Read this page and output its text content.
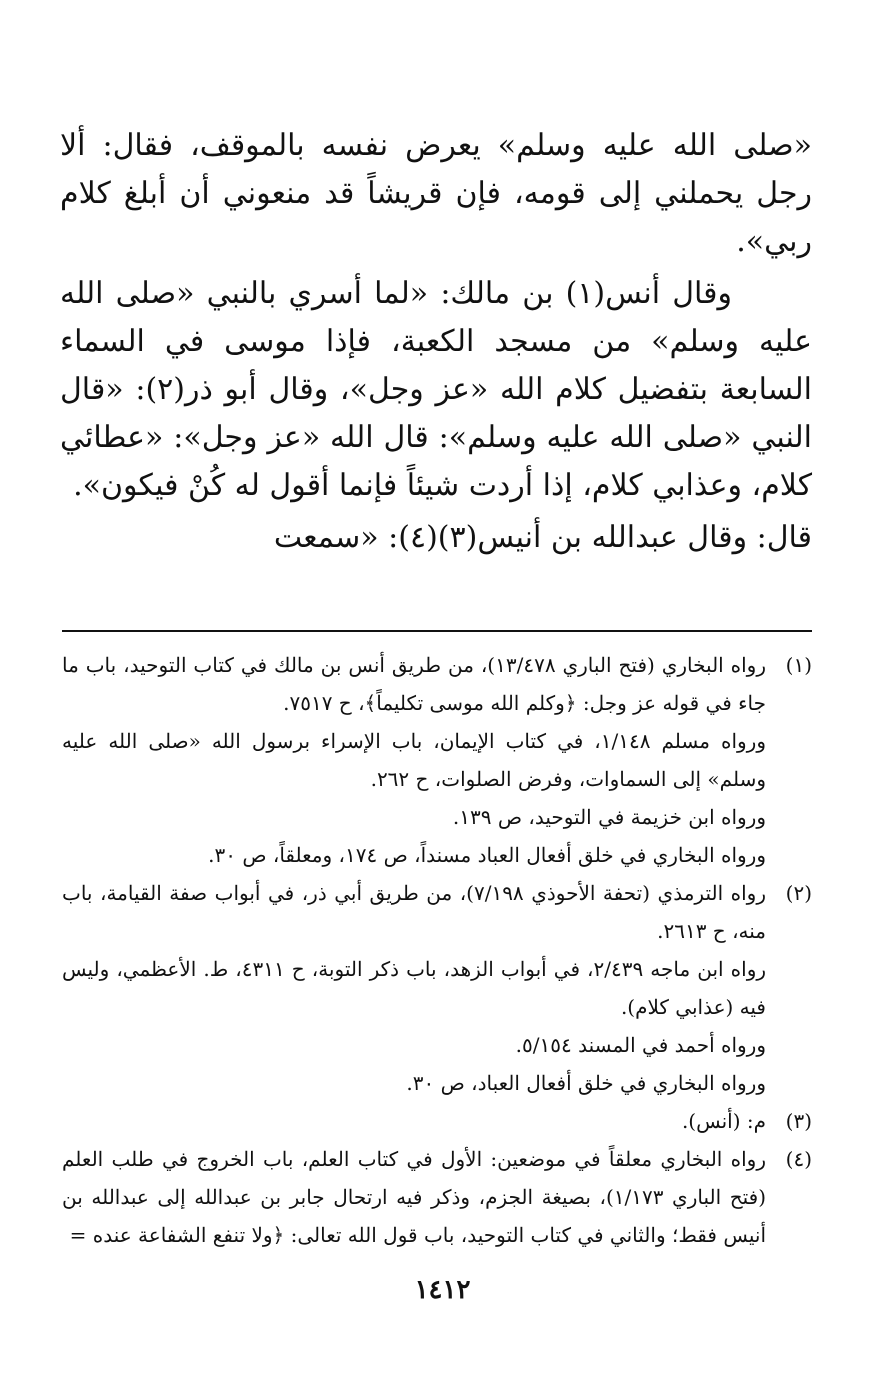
«صلى الله عليه وسلم» يعرض نفسه بالموقف، فقال: ألا رجل يحملني إلى قومه، فإن قريشاً قد منعوني أن أبلغ كلام ربي».

وقال أنس(١) بن مالك: «لما أسري بالنبي «صلى الله عليه وسلم» من مسجد الكعبة، فإذا موسى في السماء السابعة بتفضيل كلام الله «عز وجل»، وقال أبو ذر(٢): «قال النبي «صلى الله عليه وسلم»: قال الله «عز وجل»: «عطائي كلام، وعذابي كلام، إذا أردت شيئاً فإنما أقول له كُنْ فيكون».

قال: وقال عبدالله بن أنيس(٣)(٤): «سمعت

(١)

رواه البخاري (فتح الباري ١٣/٤٧٨)، من طريق أنس بن مالك في كتاب التوحيد، باب ما جاء في قوله عز وجل: ﴿وكلم الله موسى تكليماً﴾، ح ٧٥١٧.

ورواه مسلم ١/١٤٨، في كتاب الإيمان، باب الإسراء برسول الله «صلى الله عليه وسلم» إلى السماوات، وفرض الصلوات، ح ٢٦٢.

ورواه ابن خزيمة في التوحيد، ص ١٣٩.

ورواه البخاري في خلق أفعال العباد مسنداً، ص ١٧٤، ومعلقاً، ص ٣٠.

(٢)

رواه الترمذي (تحفة الأحوذي ٧/١٩٨)، من طريق أبي ذر، في أبواب صفة القيامة، باب منه، ح ٢٦١٣.

رواه ابن ماجه ٢/٤٣٩، في أبواب الزهد، باب ذكر التوبة، ح ٤٣١١، ط. الأعظمي، وليس فيه (عذابي كلام).

ورواه أحمد في المسند ٥/١٥٤.

ورواه البخاري في خلق أفعال العباد، ص ٣٠.

(٣)

م: (أنس).

(٤)

رواه البخاري معلقاً في موضعين: الأول في كتاب العلم، باب الخروج في طلب العلم (فتح الباري ١/١٧٣)، بصيغة الجزم، وذكر فيه ارتحال جابر بن عبدالله إلى عبدالله بن أنيس فقط؛ والثاني في كتاب التوحيد، باب قول الله تعالى: ﴿ولا تنفع الشفاعة عنده =

١٤١٢
